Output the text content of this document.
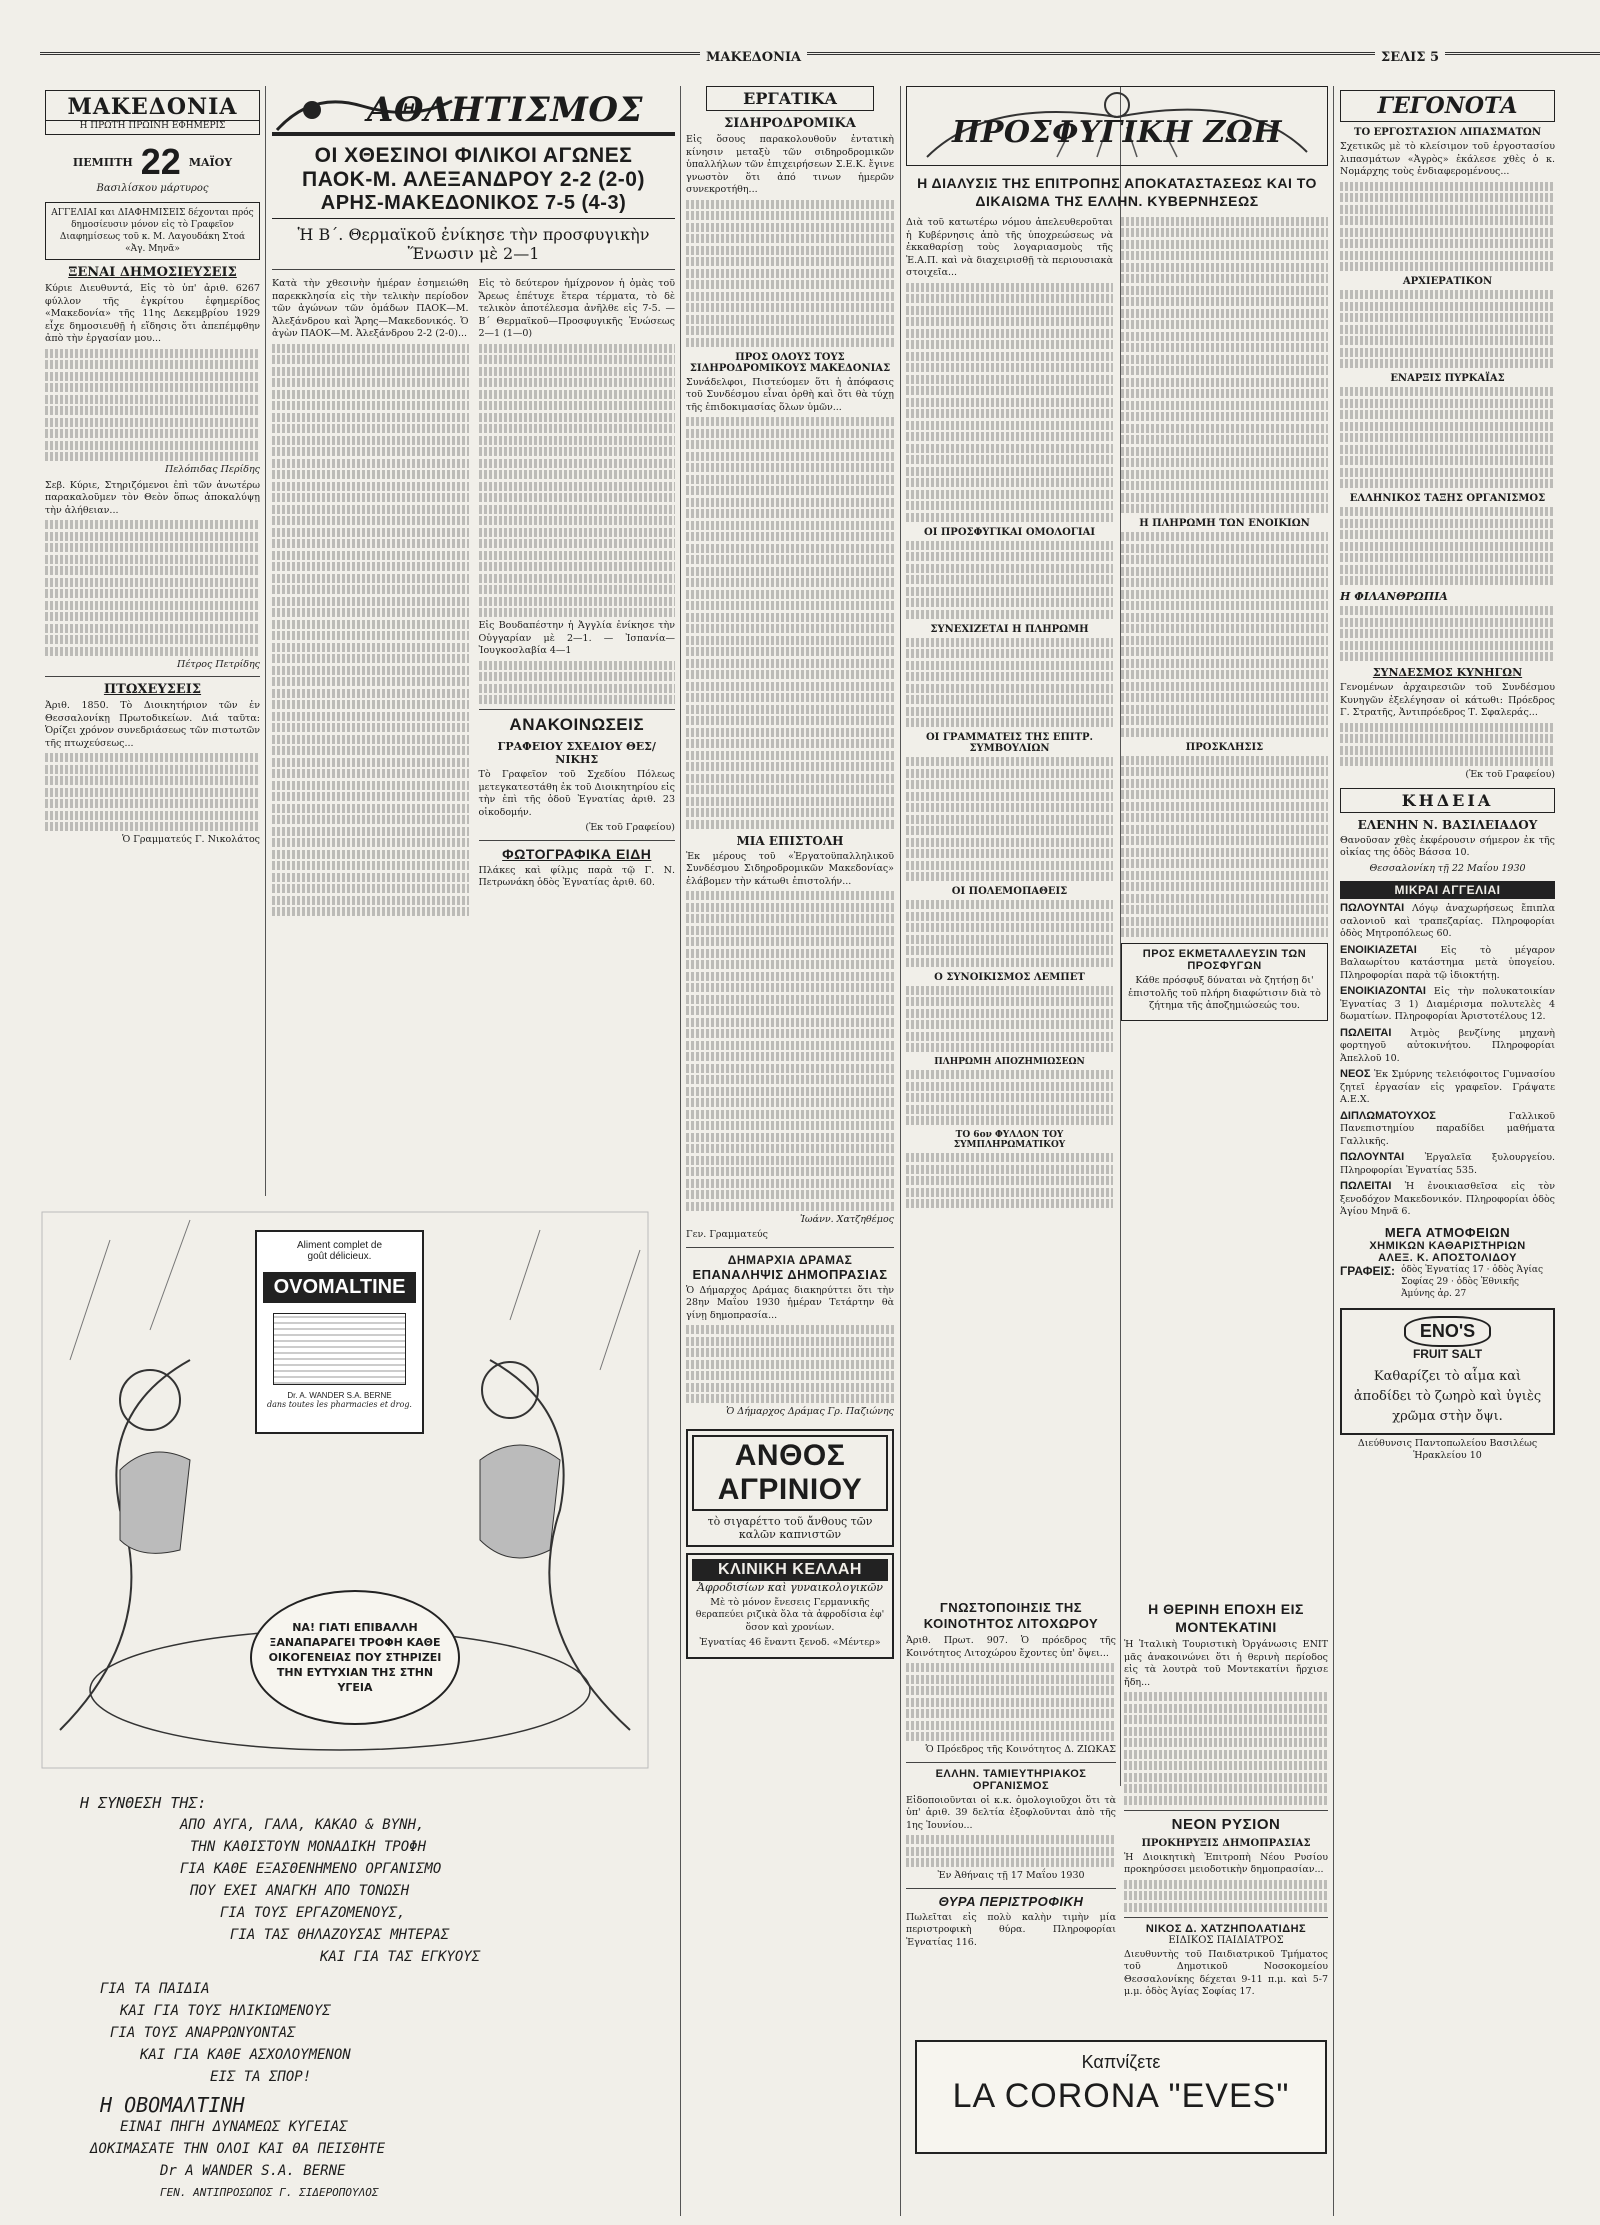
ΜΑΚΕΔΟΝΙΑ	ΣΕΛΙΣ 5
ΜΑΚΕΔΟΝΙΑ
Η ΠΡΩΤΗ ΠΡΩΙΝΗ ΕΦΗΜΕΡΙΣ
ΠΕΜΠΤΗ 22 ΜΑΪΟΥ
Βασιλίσκου μάρτυρος
ΑΓΓΕΛΙΑΙ και ΔΙΑΦΗΜΙΣΕΙΣ δέχονται πρός δημοσίευσιν μόνον εἰς τὸ Γραφεῖον Διαφημίσεως τοῦ κ. Μ. Λαγουδάκη Στοά «Ἀγ. Μηνᾶ»
ΞΕΝΑΙ ΔΗΜΟΣΙΕΥΣΕΙΣ
Κύριε Διευθυντά, Εἰς τὸ ὑπ' ἀριθ. 6267 φύλλον τῆς ἐγκρίτου ἐφημερίδος «Μακεδονία» τῆς 11ης Δεκεμβρίου 1929 εἶχε δημοσιευθῇ ἡ εἴδησις ὅτι ἀπεπέμφθην ἀπὸ τὴν ἐργασίαν μου...
Πελόπιδας Περίδης
Σεβ. Κύριε, Στηριζόμενοι ἐπὶ τῶν ἀνωτέρω παρακαλοῦμεν τὸν Θεὸν ὅπως ἀποκαλύψῃ τὴν ἀλήθειαν...
Πέτρος Πετρίδης
ΠΤΩΧΕΥΣΕΙΣ
Ἀριθ. 1850. Τὸ Διοικητήριον τῶν ἐν Θεσσαλονίκῃ Πρωτοδικείων. Διά ταῦτα: Ὁρίζει χρόνον συνεδριάσεως τῶν πιστωτῶν τῆς πτωχεύσεως...
Ὁ Γραμματεύς Γ. Νικολάτος
ΑΘΛΗΤΙΣΜΟΣ
ΟΙ ΧΘΕΣΙΝΟΙ ΦΙΛΙΚΟΙ ΑΓΩΝΕΣ
ΠΑΟΚ-Μ. ΑΛΕΞΑΝΔΡΟΥ 2-2 (2-0)
ΑΡΗΣ-ΜΑΚΕΔΟΝΙΚΟΣ 7-5 (4-3)
Ἡ Β΄. Θερμαϊκοῦ ἐνίκησε τὴν προσφυγικὴν Ἕνωσιν μὲ 2—1
Κατὰ τὴν χθεσινὴν ἡμέραν ἐσημειώθη παρεκκλησία εἰς τὴν τελικὴν περίοδον τῶν ἀγώνων τῶν ὁμάδων ΠΑΟΚ—Μ. Ἀλεξάνδρου καὶ Ἄρης—Μακεδονικός. Ὁ ἀγὼν ΠΑΟΚ—Μ. Ἀλεξάνδρου 2-2 (2-0)...
Εἰς τὸ δεύτερον ἡμίχρονον ἡ ὁμὰς τοῦ Ἄρεως ἐπέτυχε ἕτερα τέρματα, τὸ δὲ τελικὸν ἀποτέλεσμα ἀνῆλθε εἰς 7-5. — Β΄ Θερμαϊκοῦ—Προσφυγικῆς Ἑνώσεως 2—1 (1—0)
Εἰς Βουδαπέστην ἡ Ἀγγλία ἐνίκησε τὴν Οὑγγαρίαν μὲ 2—1. — Ἰσπανία—Ἰουγκοσλαβία 4—1
ΑΝΑΚΟΙΝΩΣΕΙΣ
ΓΡΑΦΕΙΟΥ ΣΧΕΔΙΟΥ ΘΕΣ/ΝΙΚΗΣ
Τὸ Γραφεῖον τοῦ Σχεδίου Πόλεως μετεγκατεστάθη ἐκ τοῦ Διοικητηρίου εἰς τὴν ἐπὶ τῆς ὁδοῦ Ἐγνατίας ἀριθ. 23 οἰκοδομήν.
(Ἐκ τοῦ Γραφείου)
ΦΩΤΟΓΡΑΦΙΚΑ ΕΙΔΗ
Πλάκες καὶ φίλμς παρὰ τῷ Γ. Ν. Πετρωνάκη ὁδὸς Ἐγνατίας ἀριθ. 60.
Aliment complet de
goût délicieux.
OVOMALTINE
Dr. A. WANDER S.A. BERNE
dans toutes les pharmacies et drog.
ΝΑ! ΓΙΑΤΙ ΕΠΙΒΑΛΛΗ ΞΑΝΑΠΑΡΑΓΕΙ ΤΡΟΦΗ ΚΑΘΕ ΟΙΚΟΓΕΝΕΙΑΣ ΠΟΥ ΣΤΗΡΙΖΕΙ ΤΗΝ ΕΥΤΥΧΙΑΝ ΤΗΣ ΣΤΗΝ ΥΓΕΙΑ
Η ΣΥΝΘΕΣΗ ΤΗΣ:
ΑΠΟ ΑΥΓΑ, ΓΑΛΑ, ΚΑΚΑΟ & ΒΥΝΗ,
ΤΗΝ ΚΑΘΙΣΤΟΥΝ ΜΟΝΑΔΙΚΗ ΤΡΟΦΗ
ΓΙΑ ΚΑΘΕ ΕΞΑΣΘΕΝΗΜΕΝΟ ΟΡΓΑΝΙΣΜΟ
ΠΟΥ ΕΧΕΙ ΑΝΑΓΚΗ ΑΠΟ ΤΟΝΩΣΗ
ΓΙΑ ΤΟΥΣ ΕΡΓΑΖΟΜΕΝΟΥΣ,
ΓΙΑ ΤΑΣ ΘΗΛΑΖΟΥΣΑΣ ΜΗΤΕΡΑΣ
ΚΑΙ ΓΙΑ ΤΑΣ ΕΓΚΥΟΥΣ
ΓΙΑ ΤΑ ΠΑΙΔΙΑ
ΚΑΙ ΓΙΑ ΤΟΥΣ ΗΛΙΚΙΩΜΕΝΟΥΣ
ΓΙΑ ΤΟΥΣ ΑΝΑΡΡΩΝΥΟΝΤΑΣ
ΚΑΙ ΓΙΑ ΚΑΘΕ ΑΣΧΟΛΟΥΜΕΝΟΝ
ΕΙΣ ΤΑ ΣΠΟΡ!
Η ΟΒΟΜΑΛΤΙΝΗ
ΕΙΝΑΙ ΠΗΓΗ ΔΥΝΑΜΕΩΣ ΚΥΓΕΙΑΣ
ΔΟΚΙΜΑΣΑΤΕ ΤΗΝ ΟΛΟΙ ΚΑΙ ΘΑ ΠΕΙΣΘΗΤΕ
Dr A WANDER S.A. BERNE
ΓΕΝ. ΑΝΤΙΠΡΟΣΩΠΟΣ Γ. ΣΙΔΕΡΟΠΟΥΛΟΣ
ΕΡΓΑΤΙΚΑ
ΣΙΔΗΡΟΔΡΟΜΙΚΑ
Εἰς ὅσους παρακολουθοῦν ἐντατικὴ κίνησιν μεταξὺ τῶν σιδηροδρομικῶν ὑπαλλήλων τῶν ἐπιχειρήσεων Σ.Ε.Κ. ἔγινε γνωστὸν ὅτι ἀπό τινων ἡμερῶν συνεκροτήθη...
ΠΡΟΣ ΟΛΟΥΣ ΤΟΥΣ ΣΙΔΗΡΟΔΡΟΜΙΚΟΥΣ ΜΑΚΕΔΟΝΙΑΣ
Συνάδελφοι, Πιστεύομεν ὅτι ἡ ἀπόφασις τοῦ Συνδέσμου εἶναι ὀρθὴ καὶ ὅτι θὰ τύχῃ τῆς ἐπιδοκιμασίας ὅλων ὑμῶν...
ΜΙΑ ΕΠΙΣΤΟΛΗ
Ἐκ μέρους τοῦ «Ἐργατοϋπαλληλικοῦ Συνδέσμου Σιδηροδρομικῶν Μακεδονίας» ἐλάβομεν τὴν κάτωθι ἐπιστολήν...
Ἰωάνν. Χατζηθέμος
Γεν. Γραμματεύς
ΔΗΜΑΡΧΙΑ ΔΡΑΜΑΣ
ΕΠΑΝΑΛΗΨΙΣ ΔΗΜΟΠΡΑΣΙΑΣ
Ὁ Δήμαρχος Δράμας διακηρύττει ὅτι τὴν 28ην Μαΐου 1930 ἡμέραν Τετάρτην θὰ γίνῃ δημοπρασία...
Ὁ Δήμαρχος Δράμας Γρ. Παζιώνης
ΑΝΘΟΣ ΑΓΡΙΝΙΟΥ
τὸ σιγαρέττο τοῦ ἄνθους τῶν καλῶν καπνιστῶν
ΚΛΙΝΙΚΗ ΚΕΛΛΑΗ
Ἀφροδισίων καὶ γυναικολογικῶν
Μὲ τὸ μόνον ἔνεσεις Γερμανικῆς θεραπεύει ριζικὰ ὅλα τὰ ἀφροδίσια ἐφ' ὅσον καὶ χρονίων.
Ἐγνατίας 46 ἔναντι ξενοδ. «Μέντερ»
ΠΡΟΣΦΥΓΙΚΗ ΖΩΗ
Η ΔΙΑΛΥΣΙΣ ΤΗΣ ΕΠΙΤΡΟΠΗΣ ΑΠΟΚΑΤΑΣΤΑΣΕΩΣ ΚΑΙ ΤΟ ΔΙΚΑΙΩΜΑ ΤΗΣ ΕΛΛΗΝ. ΚΥΒΕΡΝΗΣΕΩΣ
Διὰ τοῦ κατωτέρω νόμου ἀπελευθεροῦται ἡ Κυβέρνησις ἀπὸ τῆς ὑποχρεώσεως νὰ ἐκκαθαρίσῃ τοὺς λογαριασμοὺς τῆς Ἐ.Α.Π. καὶ νὰ διαχειρισθῇ τὰ περιουσιακὰ στοιχεῖα...
ΟΙ ΠΡΟΣΦΥΓΙΚΑΙ ΟΜΟΛΟΓΙΑΙ
ΣΥΝΕΧΙΖΕΤΑΙ Η ΠΛΗΡΩΜΗ
ΟΙ ΓΡΑΜΜΑΤΕΙΣ ΤΗΣ ΕΠΙΤΡ. ΣΥΜΒΟΥΛΙΩΝ
ΟΙ ΠΟΛΕΜΟΠΑΘΕΙΣ
Ο ΣΥΝΟΙΚΙΣΜΟΣ ΛΕΜΠΕΤ
ΠΛΗΡΩΜΗ ΑΠΟΖΗΜΙΩΣΕΩΝ
ΤΟ 6ον ΦΥΛΛΟΝ ΤΟΥ ΣΥΜΠΛΗΡΩΜΑΤΙΚΟΥ
Η ΠΛΗΡΩΜΗ ΤΩΝ ΕΝΟΙΚΙΩΝ
ΠΡΟΣΚΛΗΣΙΣ
ΠΡΟΣ ΕΚΜΕΤΑΛΛΕΥΣΙΝ ΤΩΝ ΠΡΟΣΦΥΓΩΝ
Κάθε πρόσφυξ δύναται νὰ ζητήσῃ δι' ἐπιστολῆς τοῦ πλήρη διαφώτισιν διὰ τὸ ζήτημα τῆς ἀποζημιώσεώς του.
ΓΝΩΣΤΟΠΟΙΗΣΙΣ ΤΗΣ ΚΟΙΝΟΤΗΤΟΣ ΛΙΤΟΧΩΡΟΥ
Ἀριθ. Πρωτ. 907. Ὁ πρόεδρος τῆς Κοινότητος Λιτοχώρου ἔχοντες ὑπ' ὄψει...
Ὁ Πρόεδρος τῆς Κοινότητος Δ. ΖΙΩΚΑΣ
ΕΛΛΗΝ. ΤΑΜΙΕΥΤΗΡΙΑΚΟΣ ΟΡΓΑΝΙΣΜΟΣ
Εἰδοποιοῦνται οἱ κ.κ. ὀμολογιοῦχοι ὅτι τὰ ὑπ' ἀριθ. 39 δελτία ἐξοφλοῦνται ἀπὸ τῆς 1ης Ἰουνίου...
Ἐν Ἀθήναις τῇ 17 Μαΐου 1930
ΘΥΡΑ ΠΕΡΙΣΤΡΟΦΙΚΗ
Πωλεῖται εἰς πολὺ καλὴν τιμὴν μία περιστροφικὴ θύρα. Πληροφορίαι Ἐγνατίας 116.
Η ΘΕΡΙΝΗ ΕΠΟΧΗ ΕΙΣ ΜΟΝΤΕΚΑΤΙΝΙ
Ἡ Ἰταλικὴ Τουριστικὴ Ὀργάνωσις ENIT μᾶς ἀνακοινώνει ὅτι ἡ θερινὴ περίοδος εἰς τὰ λουτρὰ τοῦ Μοντεκατίνι ἤρχισε ἤδη...
ΝΕΟΝ ΡΥΣΙΟΝ
ΠΡΟΚΗΡΥΞΙΣ ΔΗΜΟΠΡΑΣΙΑΣ
Ἡ Διοικητικὴ Ἐπιτροπὴ Νέου Ρυσίου προκηρύσσει μειοδοτικὴν δημοπρασίαν...
ΝΙΚΟΣ Δ. ΧΑΤΖΗΠΟΛΑΤΙΔΗΣ
ΕΙΔΙΚΟΣ ΠΑΙΔΙΑΤΡΟΣ
Διευθυντὴς τοῦ Παιδιατρικοῦ Τμήματος τοῦ Δημοτικοῦ Νοσοκομείου Θεσσαλονίκης δέχεται 9-11 π.μ. καὶ 5-7 μ.μ. ὁδὸς Ἁγίας Σοφίας 17.
Καπνίζετε
LA CORONA "EVES"
ΓΕΓΟΝΟΤΑ
ΤΟ ΕΡΓΟΣΤΑΣΙΟΝ ΛΙΠΑΣΜΑΤΩΝ
Σχετικῶς μὲ τὸ κλείσιμον τοῦ ἐργοστασίου λιπασμάτων «Ἀγρὸς» ἐκάλεσε χθὲς ὁ κ. Νομάρχης τοὺς ἐνδιαφερομένους...
ΑΡΧΙΕΡΑΤΙΚΟΝ
ΕΝΑΡΞΙΣ ΠΥΡΚΑΪΑΣ
ΕΛΛΗΝΙΚΟΣ ΤΑΞΗΣ ΟΡΓΑΝΙΣΜΟΣ
Η ΦΙΛΑΝΘΡΩΠΙΑ
ΣΥΝΔΕΣΜΟΣ ΚΥΝΗΓΩΝ
Γενομένων ἀρχαιρεσιῶν τοῦ Συνδέσμου Κυνηγῶν ἐξελέγησαν οἱ κάτωθι: Πρόεδρος Γ. Στρατῆς, Ἀντιπρόεδρος Τ. Σφαλεράς...
(Ἐκ τοῦ Γραφείου)
ΚΗΔΕΙΑ
ΕΛΕΝΗΝ Ν. ΒΑΣΙΛΕΙΑΔΟΥ
Θανοῦσαν χθὲς ἐκφέρουσιν σήμερον ἐκ τῆς οἰκίας της ὁδὸς Βάσσα 10.
Θεσσαλονίκη τῇ 22 Μαΐου 1930
ΜΙΚΡΑΙ ΑΓΓΕΛΙΑΙ
ΠΩΛΟΥΝΤΑΙ Λόγῳ ἀναχωρήσεως ἔπιπλα σαλονιοῦ καὶ τραπεζαρίας. Πληροφορίαι ὁδὸς Μητροπόλεως 60.
ΕΝΟΙΚΙΑΖΕΤΑΙ Εἰς τὸ μέγαρον Βαλαωρίτου κατάστημα μετὰ ὑπογείου. Πληροφορίαι παρὰ τῷ ἰδιοκτήτῃ.
ΕΝΟΙΚΙΑΖΟΝΤΑΙ Εἰς τὴν πολυκατοικίαν Ἐγνατίας 3 1) Διαμέρισμα πολυτελὲς 4 δωματίων. Πληροφορίαι Ἀριστοτέλους 12.
ΠΩΛΕΙΤΑΙ Ἀτμὸς βενζίνης μηχανὴ φορτηγοῦ αὐτοκινήτου. Πληροφορίαι Ἀπελλοῦ 10.
ΝΕΟΣ Ἐκ Σμύρνης τελειόφοιτος Γυμνασίου ζητεῖ ἐργασίαν εἰς γραφεῖον. Γράψατε Α.Ε.Χ.
ΔΙΠΛΩΜΑΤΟΥΧΟΣ	Γαλλικοῦ Πανεπιστημίου παραδίδει μαθήματα Γαλλικῆς.
ΠΩΛΟΥΝΤΑΙ Ἐργαλεῖα ξυλουργείου. Πληροφορίαι Ἐγνατίας 535.
ΠΩΛΕΙΤΑΙ Ἡ ἐνοικιασθεῖσα εἰς τὸν ξενοδόχον Μακεδονικόν. Πληροφορίαι ὁδὸς Ἁγίου Μηνᾶ 6.
ΜΕΓΑ ΑΤΜΟΦΕΙΩΝ
ΧΗΜΙΚΩΝ ΚΑΘΑΡΙΣΤΗΡΙΩΝ
ΑΛΕΞ. Κ. ΑΠΟΣΤΟΛΙΔΟΥ
ΓΡΑΦΕΙΣ: ὁδὸς Ἐγνατίας 17 · ὁδὸς Ἁγίας Σοφίας 29 · ὁδὸς Ἐθνικῆς Ἀμύνης ἀρ. 27
ENO'S
FRUIT SALT
Καθαρίζει τὸ αἷμα καὶ ἀποδίδει τὸ ζωηρὸ καὶ ὑγιὲς χρῶμα στὴν ὄψι.
Διεύθυνσις Παντοπωλείου Βασιλέως Ἡρακλείου 10
